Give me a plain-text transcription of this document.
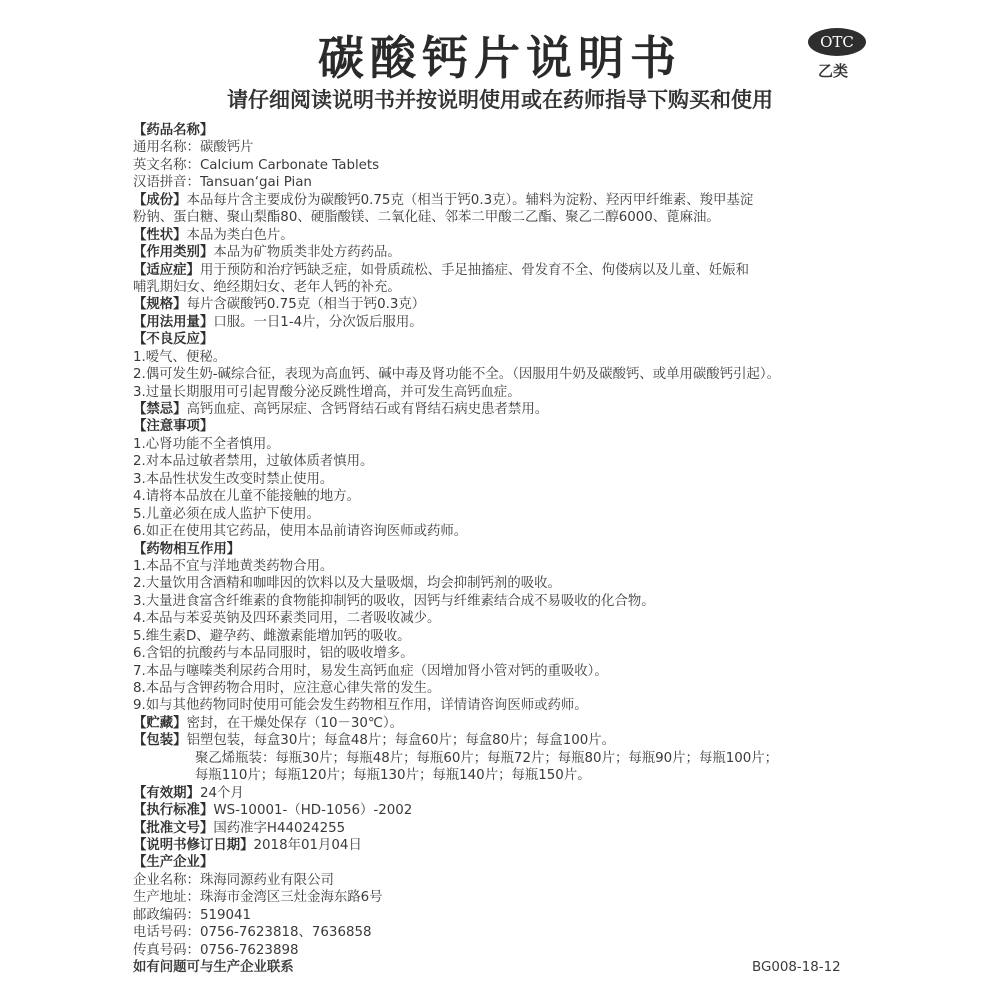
碳酸钙片说明书	OTC
乙类
请仔细阅读说明书并按说明使用或在药师指导下购买和使用
【药品名称】
通用名称：碳酸钙片
英文名称：Calcium Carbonate Tablets
汉语拼音：Tansuan‘gai Pian
【成份】本品每片含主要成份为碳酸钙0.75克（相当于钙0.3克）。辅料为淀粉、羟丙甲纤维素、羧甲基淀
粉钠、蛋白糖、聚山梨酯80、硬脂酸镁、二氧化硅、邻苯二甲酸二乙酯、聚乙二醇6000、蓖麻油。
【性状】本品为类白色片。
【作用类别】本品为矿物质类非处方药药品。
【适应症】用于预防和治疗钙缺乏症，如骨质疏松、手足抽搐症、骨发育不全、佝偻病以及儿童、妊娠和
哺乳期妇女、绝经期妇女、老年人钙的补充。
【规格】每片含碳酸钙0.75克（相当于钙0.3克）
【用法用量】口服。一日1-4片，分次饭后服用。
【不良反应】
1.嗳气、便秘。
2.偶可发生奶-碱综合征，表现为高血钙、碱中毒及肾功能不全。（因服用牛奶及碳酸钙、或单用碳酸钙引起）。
3.过量长期服用可引起胃酸分泌反跳性增高，并可发生高钙血症。
【禁忌】高钙血症、高钙尿症、含钙肾结石或有肾结石病史患者禁用。
【注意事项】
1.心肾功能不全者慎用。
2.对本品过敏者禁用，过敏体质者慎用。
3.本品性状发生改变时禁止使用。
4.请将本品放在儿童不能接触的地方。
5.儿童必须在成人监护下使用。
6.如正在使用其它药品，使用本品前请咨询医师或药师。
【药物相互作用】
1.本品不宜与洋地黄类药物合用。
2.大量饮用含酒精和咖啡因的饮料以及大量吸烟，均会抑制钙剂的吸收。
3.大量进食富含纤维素的食物能抑制钙的吸收，因钙与纤维素结合成不易吸收的化合物。
4.本品与苯妥英钠及四环素类同用，二者吸收减少。
5.维生素D、避孕药、雌激素能增加钙的吸收。
6.含铝的抗酸药与本品同服时，铝的吸收增多。
7.本品与噻嗪类利尿药合用时，易发生高钙血症（因增加肾小管对钙的重吸收）。
8.本品与含钾药物合用时，应注意心律失常的发生。
9.如与其他药物同时使用可能会发生药物相互作用，详情请咨询医师或药师。
【贮藏】密封，在干燥处保存（10－30℃）。
【包装】铝塑包装，每盒30片；每盒48片；每盒60片；每盒80片；每盒100片。
聚乙烯瓶装：每瓶30片；每瓶48片；每瓶60片；每瓶72片；每瓶80片；每瓶90片；每瓶100片；
每瓶110片；每瓶120片；每瓶130片；每瓶140片；每瓶150片。
【有效期】24个月
【执行标准】WS-10001-（HD-1056）-2002
【批准文号】国药准字H44024255
【说明书修订日期】2018年01月04日
【生产企业】
企业名称：珠海同源药业有限公司
生产地址：珠海市金湾区三灶金海东路6号
邮政编码：519041
电话号码：0756-7623818、7636858
传真号码：0756-7623898
如有问题可与生产企业联系	BG008-18-12
